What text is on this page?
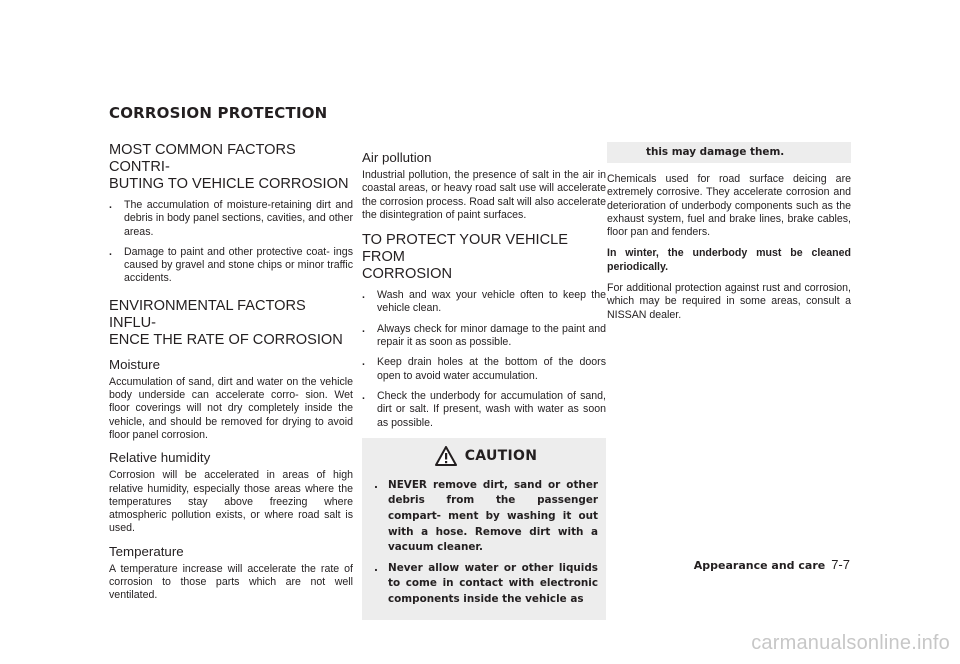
CORROSION PROTECTION
MOST COMMON FACTORS CONTRI-
BUTING TO VEHICLE CORROSION
. The accumulation of moisture-retaining dirt and debris in body panel sections, cavities, and other areas.
. Damage to paint and other protective coat- ings caused by gravel and stone chips or minor traffic accidents.
ENVIRONMENTAL FACTORS INFLU-
ENCE THE RATE OF CORROSION
Moisture

Accumulation of sand, dirt and water on the vehicle body underside can accelerate corro- sion. Wet floor coverings will not dry completely inside the vehicle, and should be removed for drying to avoid floor panel corrosion.

Relative humidity

Corrosion will be accelerated in areas of high relative humidity, especially those areas where the temperatures stay above freezing where atmospheric pollution exists, or where road salt is used.

Temperature

A temperature increase will accelerate the rate of corrosion to those parts which are not well ventilated.

Air pollution

Industrial pollution, the presence of salt in the air in coastal areas, or heavy road salt use will accelerate the corrosion process. Road salt will also accelerate the disintegration of paint surfaces.

TO PROTECT YOUR VEHICLE FROM
CORROSION
. Wash and wax your vehicle often to keep the vehicle clean.
. Always check for minor damage to the paint and repair it as soon as possible.
. Keep drain holes at the bottom of the doors open to avoid water accumulation.
. Check the underbody for accumulation of sand, dirt or salt. If present, wash with water as soon as possible.
CAUTION
. NEVER remove dirt, sand or other debris from the passenger compart- ment by washing it out with a hose. Remove dirt with a vacuum cleaner.
. Never allow water or other liquids to come in contact with electronic components inside the vehicle as

this may damage them.

Chemicals used for road surface deicing are extremely corrosive. They accelerate corrosion and deterioration of underbody components such as the exhaust system, fuel and brake lines, brake cables, floor pan and fenders.

In winter, the underbody must be cleaned periodically.

For additional protection against rust and corrosion, which may be required in some areas, consult a NISSAN dealer.

Appearance and care 7-7
carmanualsonline.info
